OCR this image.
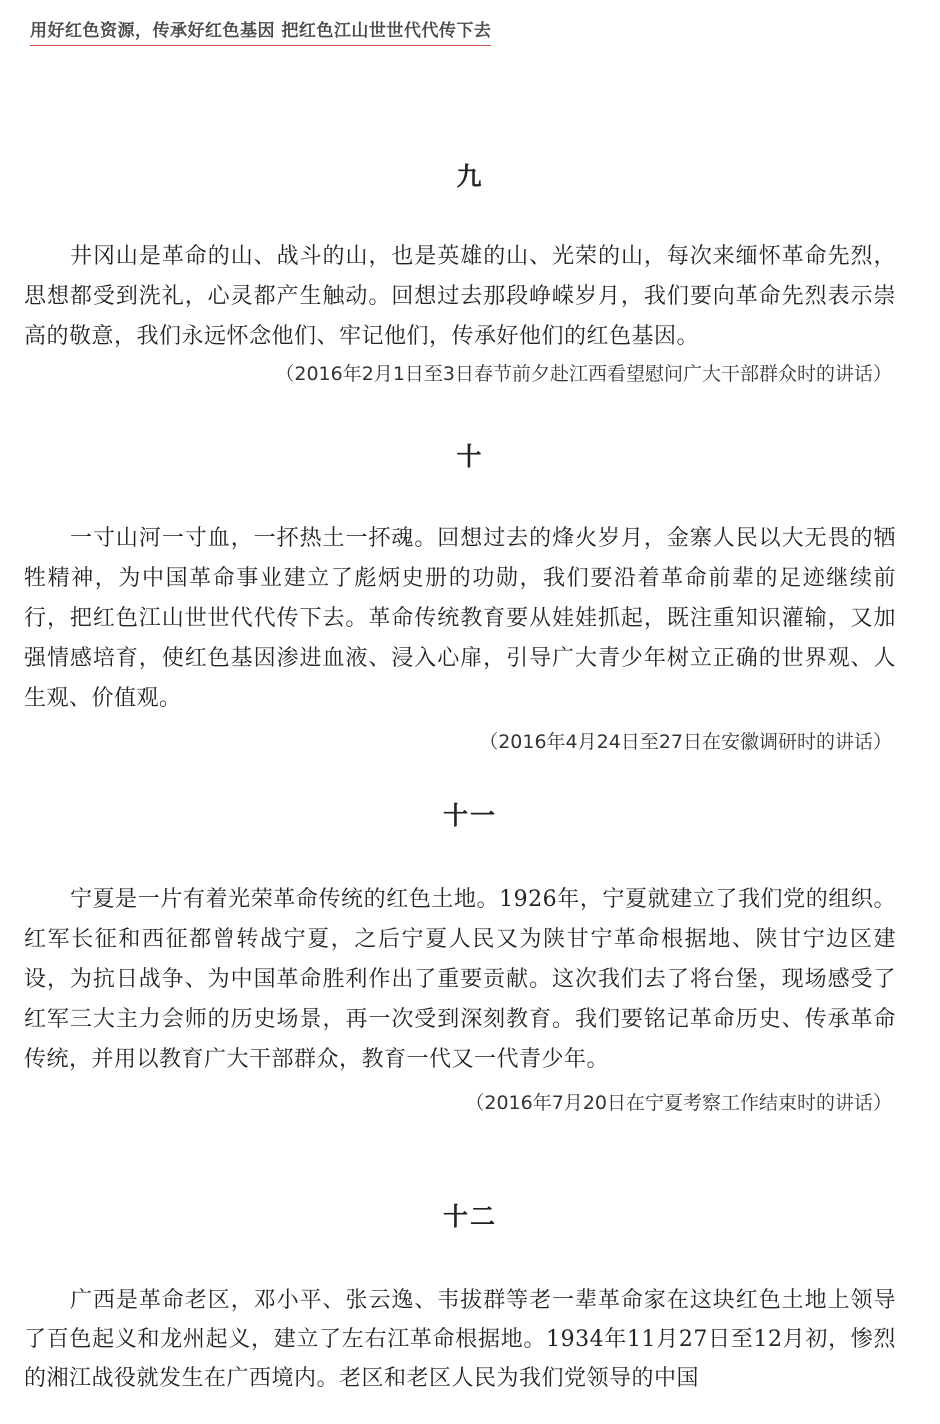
用好红色资源，传承好红色基因 把红色江山世世代代传下去
九

井冈山是革命的山、战斗的山，也是英雄的山、光荣的山，每次来缅怀革命先烈，思想都受到洗礼，心灵都产生触动。回想过去那段峥嵘岁月，我们要向革命先烈表示崇高的敬意，我们永远怀念他们、牢记他们，传承好他们的红色基因。

（2016年2月1日至3日春节前夕赴江西看望慰问广大干部群众时的讲话）
十

一寸山河一寸血，一抔热土一抔魂。回想过去的烽火岁月，金寨人民以大无畏的牺牲精神，为中国革命事业建立了彪炳史册的功勋，我们要沿着革命前辈的足迹继续前行，把红色江山世世代代传下去。革命传统教育要从娃娃抓起，既注重知识灌输，又加强情感培育，使红色基因渗进血液、浸入心扉，引导广大青少年树立正确的世界观、人生观、价值观。

（2016年4月24日至27日在安徽调研时的讲话）
十一

宁夏是一片有着光荣革命传统的红色土地。1926年，宁夏就建立了我们党的组织。红军长征和西征都曾转战宁夏，之后宁夏人民又为陕甘宁革命根据地、陕甘宁边区建设，为抗日战争、为中国革命胜利作出了重要贡献。这次我们去了将台堡，现场感受了红军三大主力会师的历史场景，再一次受到深刻教育。我们要铭记革命历史、传承革命传统，并用以教育广大干部群众，教育一代又一代青少年。

（2016年7月20日在宁夏考察工作结束时的讲话）
十二

广西是革命老区，邓小平、张云逸、韦拔群等老一辈革命家在这块红色土地上领导了百色起义和龙州起义，建立了左右江革命根据地。1934年11月27日至12月初，惨烈的湘江战役就发生在广西境内。老区和老区人民为我们党领导的中国
